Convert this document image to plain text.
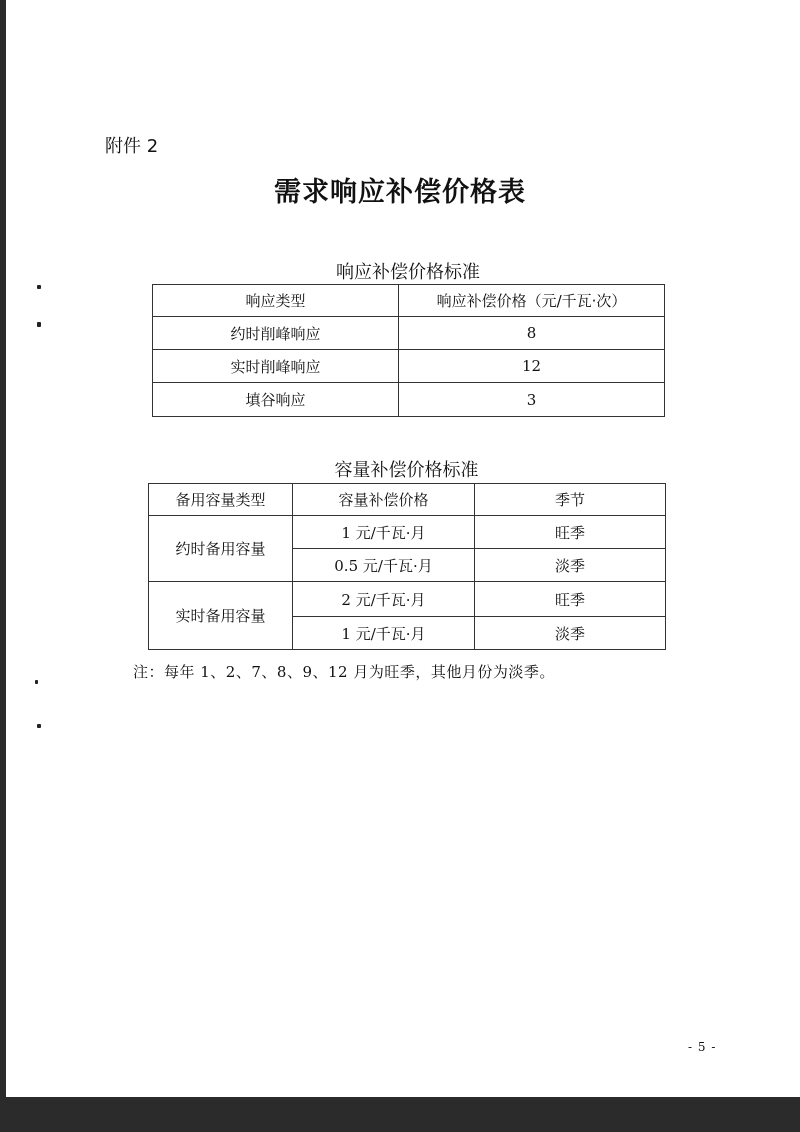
附件 2
需求响应补偿价格表
响应补偿价格标准
响应类型	响应补偿价格（元/千瓦·次）
约时削峰响应	8
实时削峰响应	12
填谷响应	3
容量补偿价格标准
备用容量类型	容量补偿价格	季节
约时备用容量	1 元/千瓦·月	旺季
	0.5 元/千瓦·月	淡季
实时备用容量	2 元/千瓦·月	旺季
	1 元/千瓦·月	淡季
注：每年 1、2、7、8、9、12 月为旺季，其他月份为淡季。
- 5 -
